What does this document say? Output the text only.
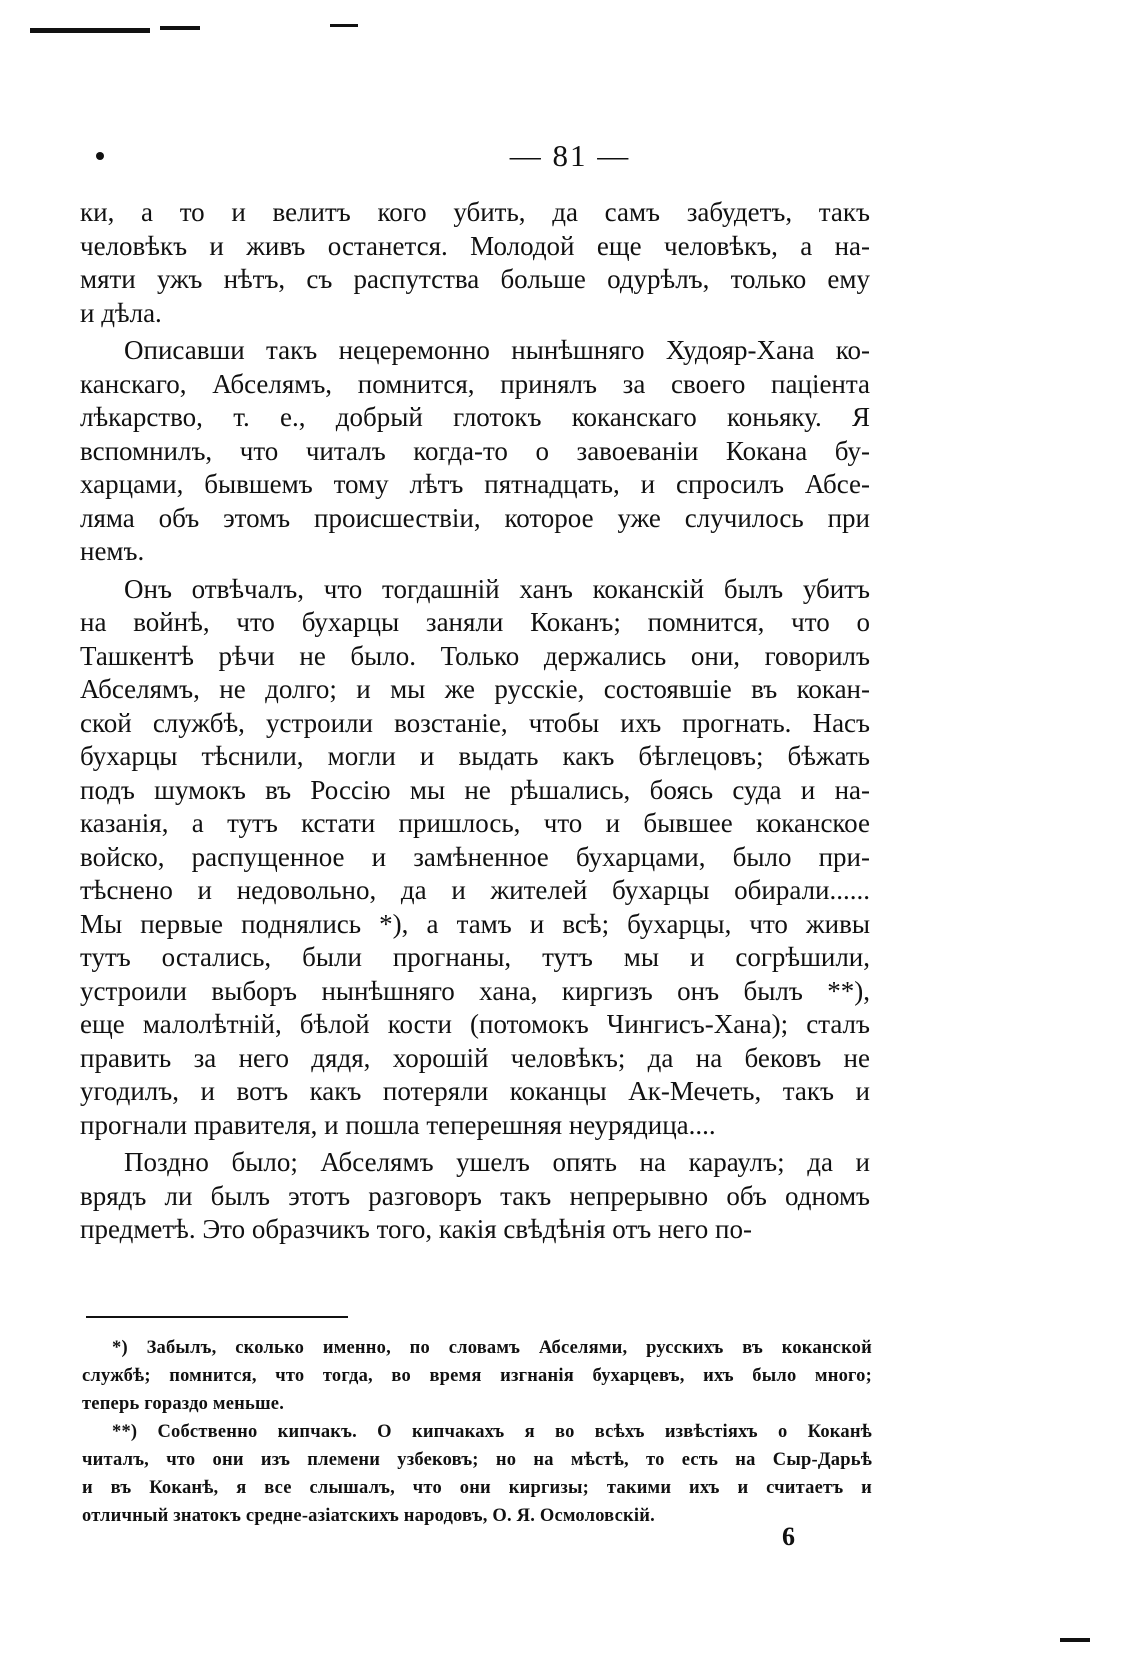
— 81 —
ки, а то и велитъ кого убить, да самъ забудетъ, такъ
человѣкъ и живъ останется. Молодой еще человѣкъ, а на-
мяти ужъ нѣтъ, съ распутства больше одурѣлъ, только ему
и дѣла.
Описавши такъ нецеремонно нынѣшняго Худояр-Хана ко-
канскаго, Абселямъ, помнится, принялъ за своего паціента
лѣкарство, т. е., добрый глотокъ коканскаго коньяку. Я
вспомнилъ, что читалъ когда-то о завоеваніи Кокана бу-
харцами, бывшемъ тому лѣтъ пятнадцать, и спросилъ Абсе-
ляма объ этомъ происшествіи, которое уже случилось при
немъ.
Онъ отвѣчалъ, что тогдашній ханъ коканскій былъ убитъ
на войнѣ, что бухарцы заняли Коканъ; помнится, что о
Ташкентѣ рѣчи не было. Только держались они, говорилъ
Абселямъ, не долго; и мы же русскіе, состоявшіе въ кокан-
ской службѣ, устроили возстаніе, чтобы ихъ прогнать. Насъ
бухарцы тѣснили, могли и выдать какъ бѣглецовъ; бѣжать
подъ шумокъ въ Россію мы не рѣшались, боясь суда и на-
казанія, а тутъ кстати пришлось, что и бывшее коканское
войско, распущенное и замѣненное бухарцами, было при-
тѣснено и недовольно, да и жителей бухарцы обирали......
Мы первые поднялись *), а тамъ и всѣ; бухарцы, что живы
тутъ остались, были прогнаны, тутъ мы и согрѣшили,
устроили выборъ нынѣшняго хана, киргизъ онъ былъ **),
еще малолѣтній, бѣлой кости (потомокъ Чингисъ-Хана); сталъ
править за него дядя, хорошій человѣкъ; да на бековъ не
угодилъ, и вотъ какъ потеряли коканцы Ак-Мечеть, такъ и
прогнали правителя, и пошла теперешняя неурядица....
Поздно было; Абселямъ ушелъ опять на караулъ; да и
врядъ ли былъ этотъ разговоръ такъ непрерывно объ одномъ
предметѣ. Это образчикъ того, какія свѣдѣнія отъ него по-
*) Забылъ, сколько именно, по словамъ Абселями, русскихъ въ коканской
службѣ; помнится, что тогда, во время изгнанія бухарцевъ, ихъ было много;
теперь гораздо меньше.
**) Собственно кипчакъ. О кипчакахъ я во всѣхъ извѣстіяхъ о Коканѣ
читалъ, что они изъ племени узбековъ; но на мѣстѣ, то есть на Сыр-Дарьѣ
и въ Коканѣ, я все слышалъ, что они киргизы; такими ихъ и считаетъ и
отличный знатокъ средне-азіатскихъ народовъ, О. Я. Осмоловскій.
6
